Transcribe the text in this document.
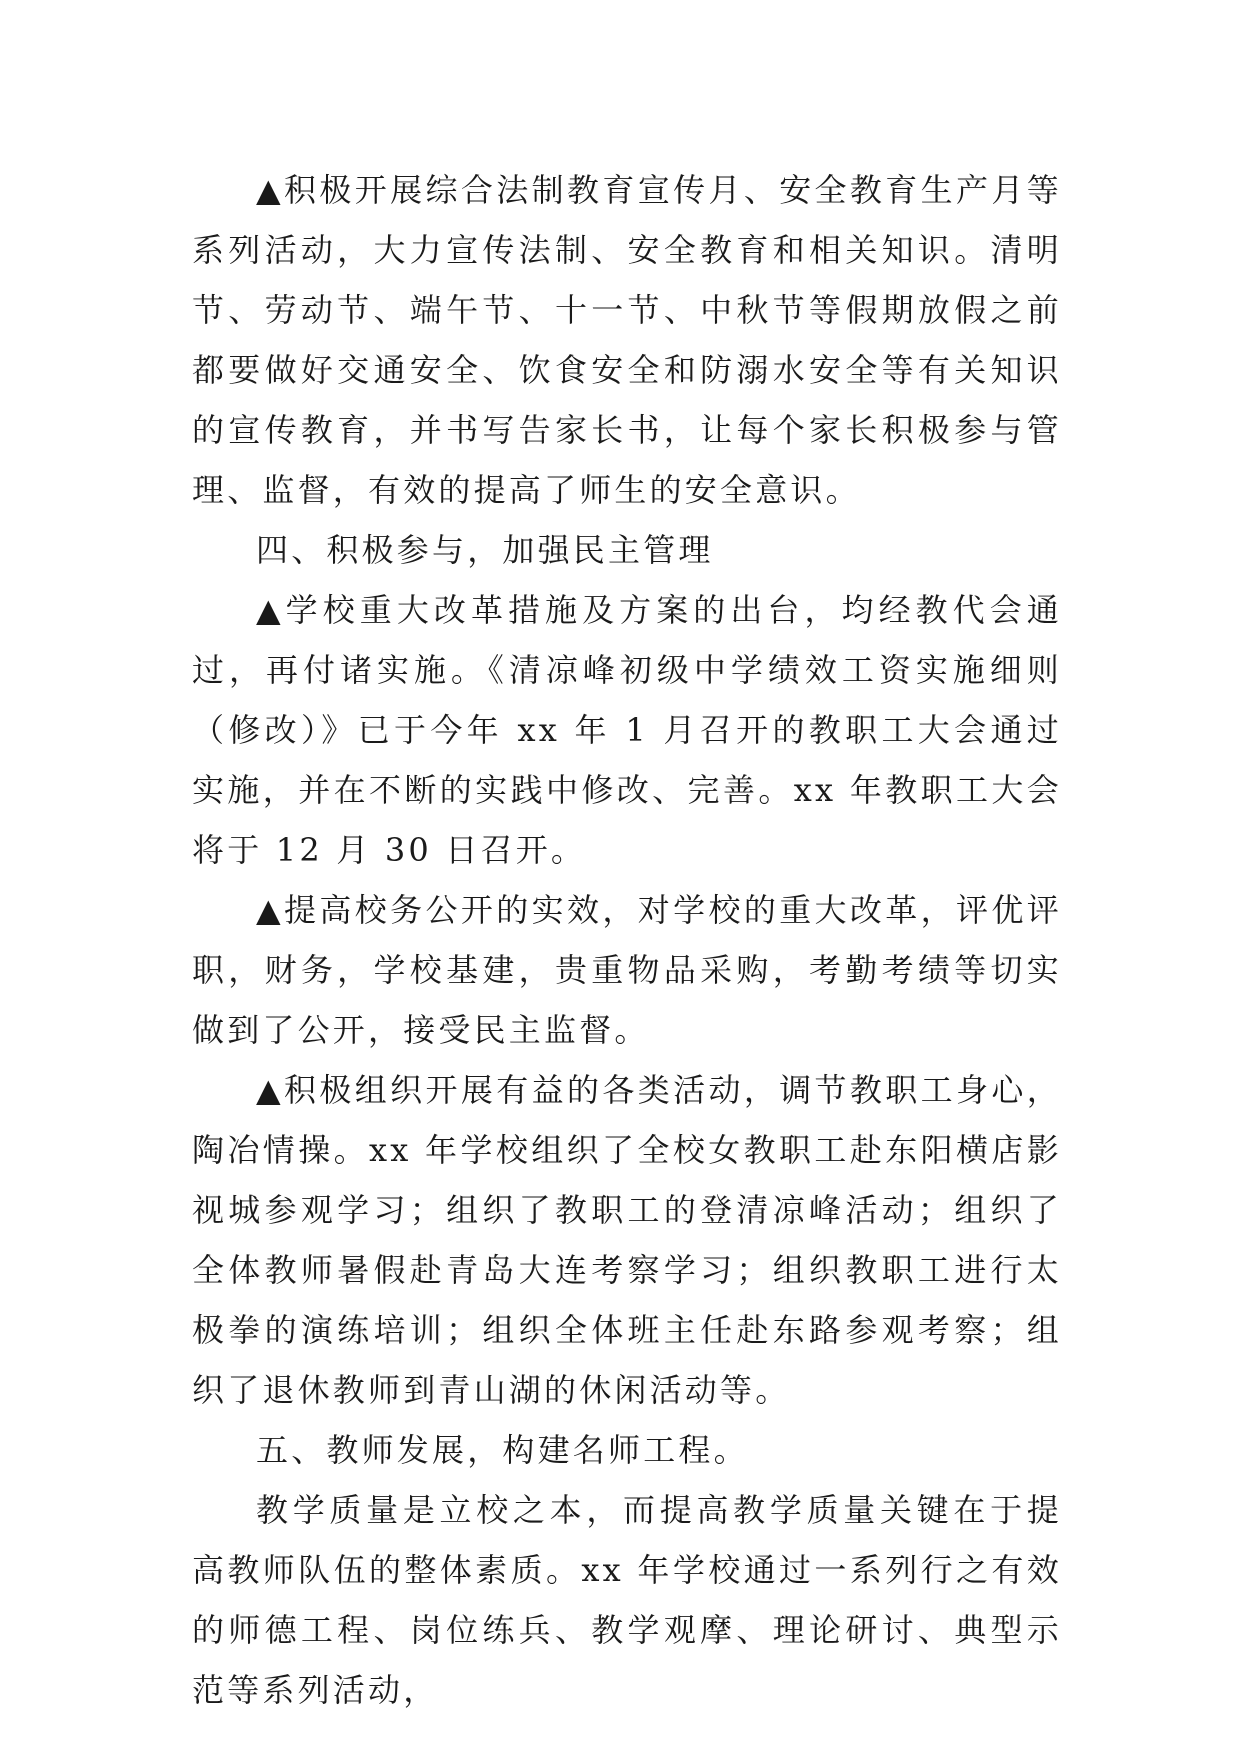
▲积极开展综合法制教育宣传月、安全教育生产月等系列活动，大力宣传法制、安全教育和相关知识。清明节、劳动节、端午节、十一节、中秋节等假期放假之前都要做好交通安全、饮食安全和防溺水安全等有关知识的宣传教育，并书写告家长书，让每个家长积极参与管理、监督，有效的提高了师生的安全意识。

四、积极参与，加强民主管理

▲学校重大改革措施及方案的出台，均经教代会通过，再付诸实施。《清凉峰初级中学绩效工资实施细则（修改）》已于今年 xx 年 1 月召开的教职工大会通过实施，并在不断的实践中修改、完善。xx 年教职工大会将于 12 月 30 日召开。

▲提高校务公开的实效，对学校的重大改革，评优评职，财务，学校基建，贵重物品采购，考勤考绩等切实做到了公开，接受民主监督。

▲积极组织开展有益的各类活动，调节教职工身心，陶冶情操。xx 年学校组织了全校女教职工赴东阳横店影视城参观学习；组织了教职工的登清凉峰活动；组织了全体教师暑假赴青岛大连考察学习；组织教职工进行太极拳的演练培训；组织全体班主任赴东路参观考察；组织了退休教师到青山湖的休闲活动等。

五、教师发展，构建名师工程。

教学质量是立校之本，而提高教学质量关键在于提高教师队伍的整体素质。xx 年学校通过一系列行之有效的师德工程、岗位练兵、教学观摩、理论研讨、典型示范等系列活动，
